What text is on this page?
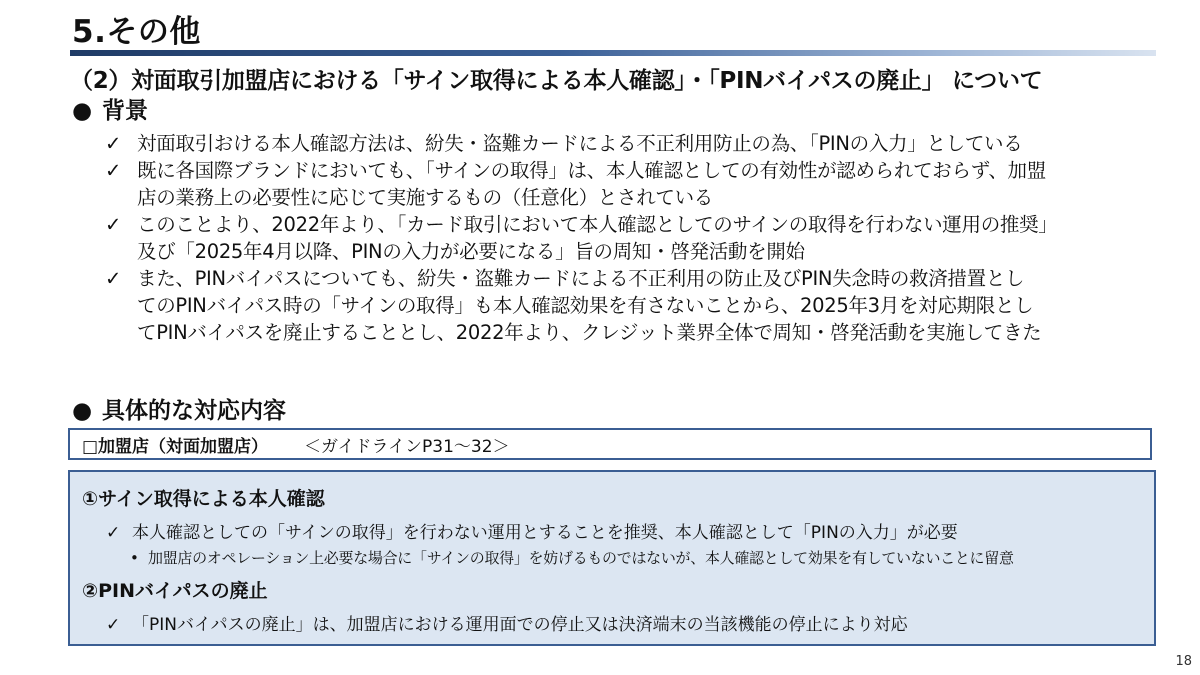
5.その他
（2）対面取引加盟店における「サイン取得による本人確認」・「PINバイパスの廃止」 について
● 背景
✓ 対面取引おける本人確認方法は、紛失・盗難カードによる不正利用防止の為、「PINの入力」としている
✓ 既に各国際ブランドにおいても、「サインの取得」は、本人確認としての有効性が認められておらず、加盟
店の業務上の必要性に応じて実施するもの（任意化）とされている
✓ このことより、2022年より、「カード取引において本人確認としてのサインの取得を行わない運用の推奨」
及び「2025年4月以降、PINの入力が必要になる」旨の周知・啓発活動を開始
✓ また、PINバイパスについても、紛失・盗難カードによる不正利用の防止及びPIN失念時の救済措置とし
てのPINバイパス時の「サインの取得」も本人確認効果を有さないことから、2025年3月を対応期限とし
てPINバイパスを廃止することとし、2022年より、クレジット業界全体で周知・啓発活動を実施してきた
● 具体的な対応内容
□加盟店（対面加盟店） ＜ガイドラインP31～32＞
①サイン取得による本人確認
✓ 本人確認としての「サインの取得」を行わない運用とすることを推奨、本人確認として「PINの入力」が必要
• 加盟店のオペレーション上必要な場合に「サインの取得」を妨げるものではないが、本人確認として効果を有していないことに留意
②PINバイパスの廃止
✓ 「PINバイパスの廃止」は、加盟店における運用面での停止又は決済端末の当該機能の停止により対応
18
